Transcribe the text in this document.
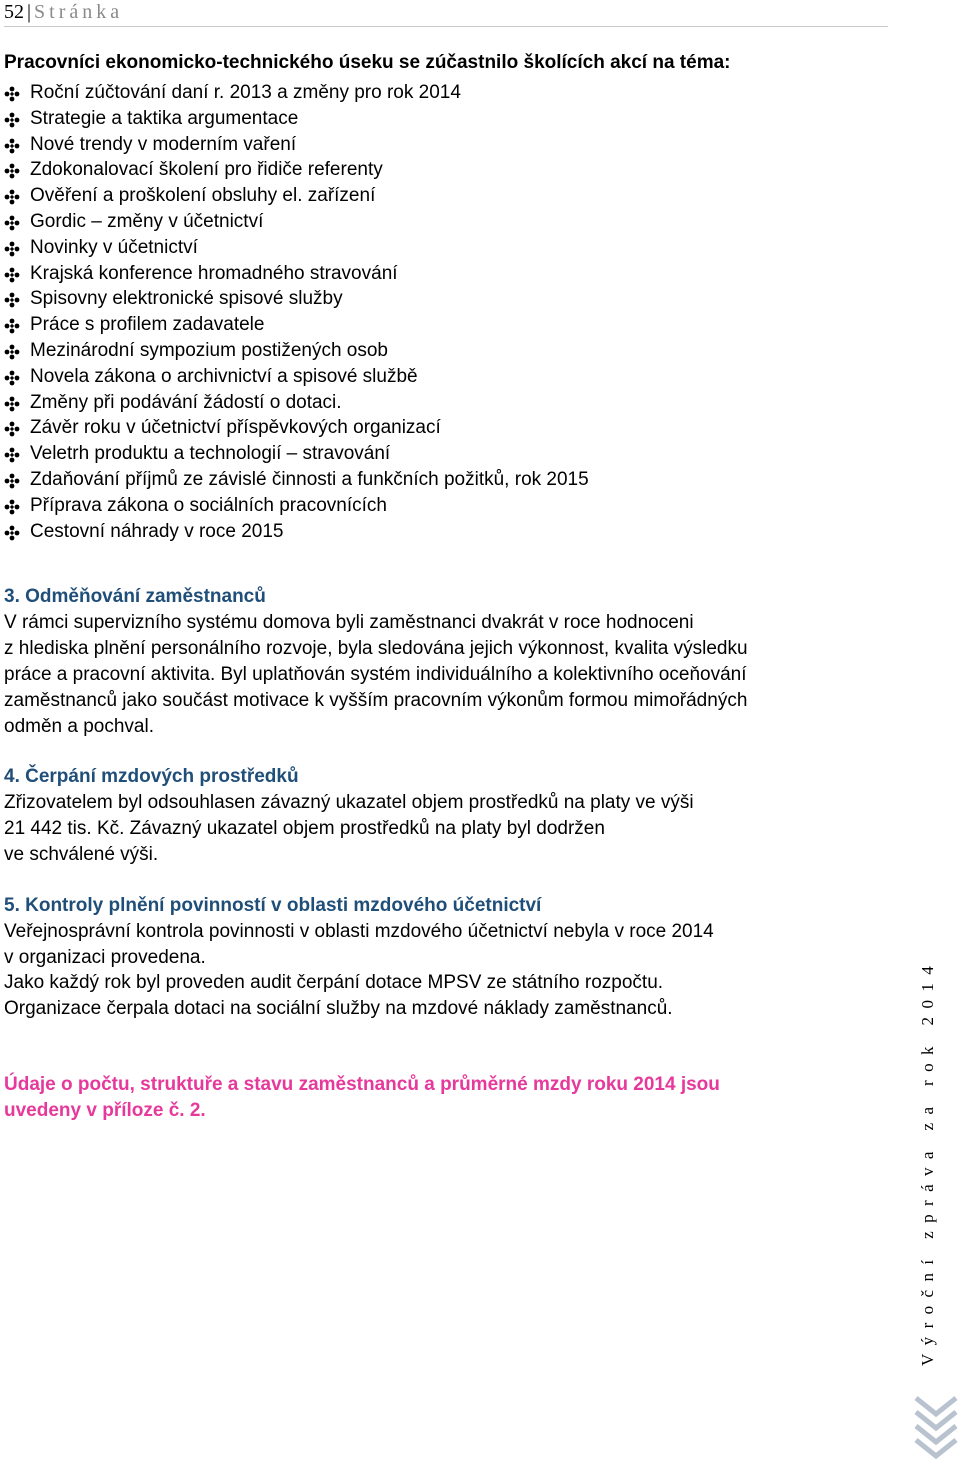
52 | Stránka

Pracovníci ekonomicko-technického úseku se zúčastnilo školících akcí na téma:

Roční zúčtování daní r. 2013 a změny pro rok 2014
Strategie a taktika argumentace
Nové trendy v moderním vaření
Zdokonalovací školení pro řidiče referenty
Ověření a proškolení obsluhy el. zařízení
Gordic – změny v účetnictví
Novinky v účetnictví
Krajská konference hromadného stravování
Spisovny elektronické spisové služby
Práce s profilem zadavatele
Mezinárodní sympozium postižených osob
Novela zákona o archivnictví a spisové službě
Změny při podávání žádostí o dotaci.
Závěr roku v účetnictví příspěvkových organizací
Veletrh produktu a technologií – stravování
Zdaňování příjmů ze závislé činnosti a funkčních požitků, rok 2015
Příprava zákona o sociálních pracovnících
Cestovní náhrady v roce 2015

3. Odměňování zaměstnanců

V rámci supervizního systému domova byli zaměstnanci dvakrát v roce hodnoceni

z hlediska plnění personálního rozvoje, byla sledována jejich výkonnost, kvalita výsledku

práce a pracovní aktivita. Byl uplatňován systém individuálního a kolektivního oceňování

zaměstnanců jako součást motivace k vyšším pracovním výkonům formou mimořádných

odměn a pochval.

4. Čerpání mzdových prostředků

Zřizovatelem byl odsouhlasen závazný ukazatel objem prostředků na platy ve výši

21 442 tis. Kč. Závazný ukazatel objem prostředků na platy byl dodržen

ve schválené výši.

5. Kontroly plnění povinností v oblasti mzdového účetnictví

Veřejnosprávní kontrola povinnosti v oblasti mzdového účetnictví nebyla v roce 2014

v organizaci provedena.

Jako každý rok byl proveden audit čerpání dotace MPSV ze státního rozpočtu.

Organizace čerpala dotaci na sociální služby na mzdové náklady zaměstnanců.

Údaje o počtu, struktuře a stavu zaměstnanců a průměrné mzdy roku 2014 jsou

uvedeny v příloze č. 2.	Výroční zpráva za rok 2014
